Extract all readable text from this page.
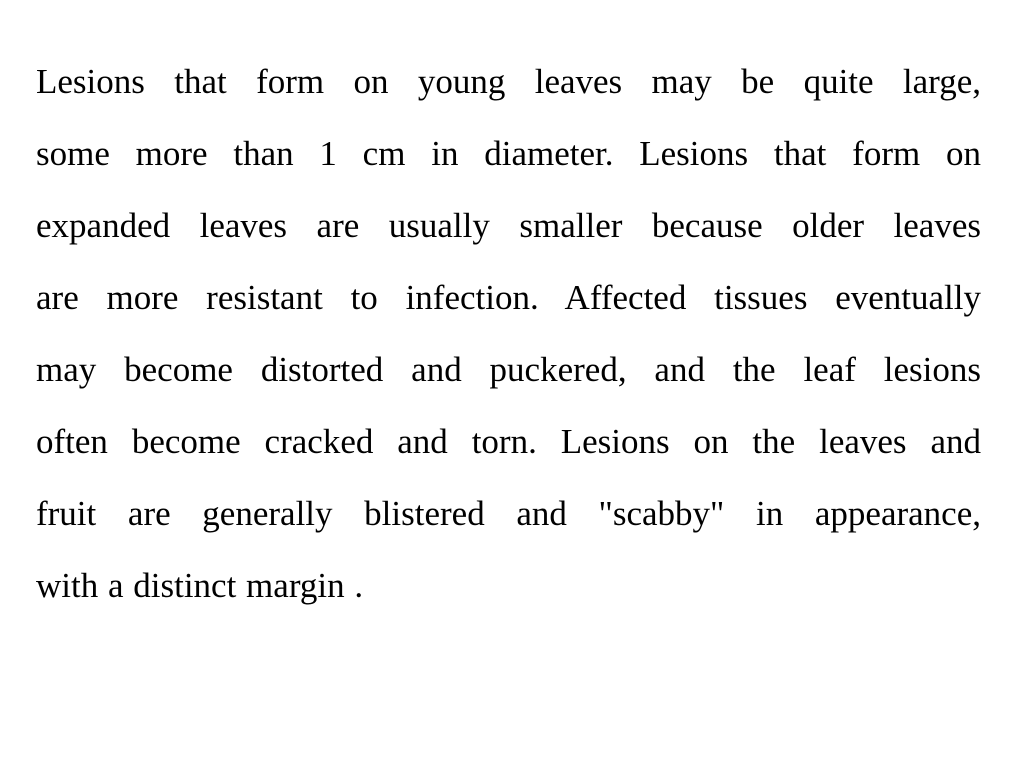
Lesions that form on young leaves may be quite large,
some more than 1 cm in diameter. Lesions that form on
expanded leaves are usually smaller because older leaves
are more resistant to infection. Affected tissues eventually
may become distorted and puckered, and the leaf lesions
often become cracked and torn. Lesions on the leaves and
fruit are generally blistered and "scabby" in appearance,
with a distinct margin .
